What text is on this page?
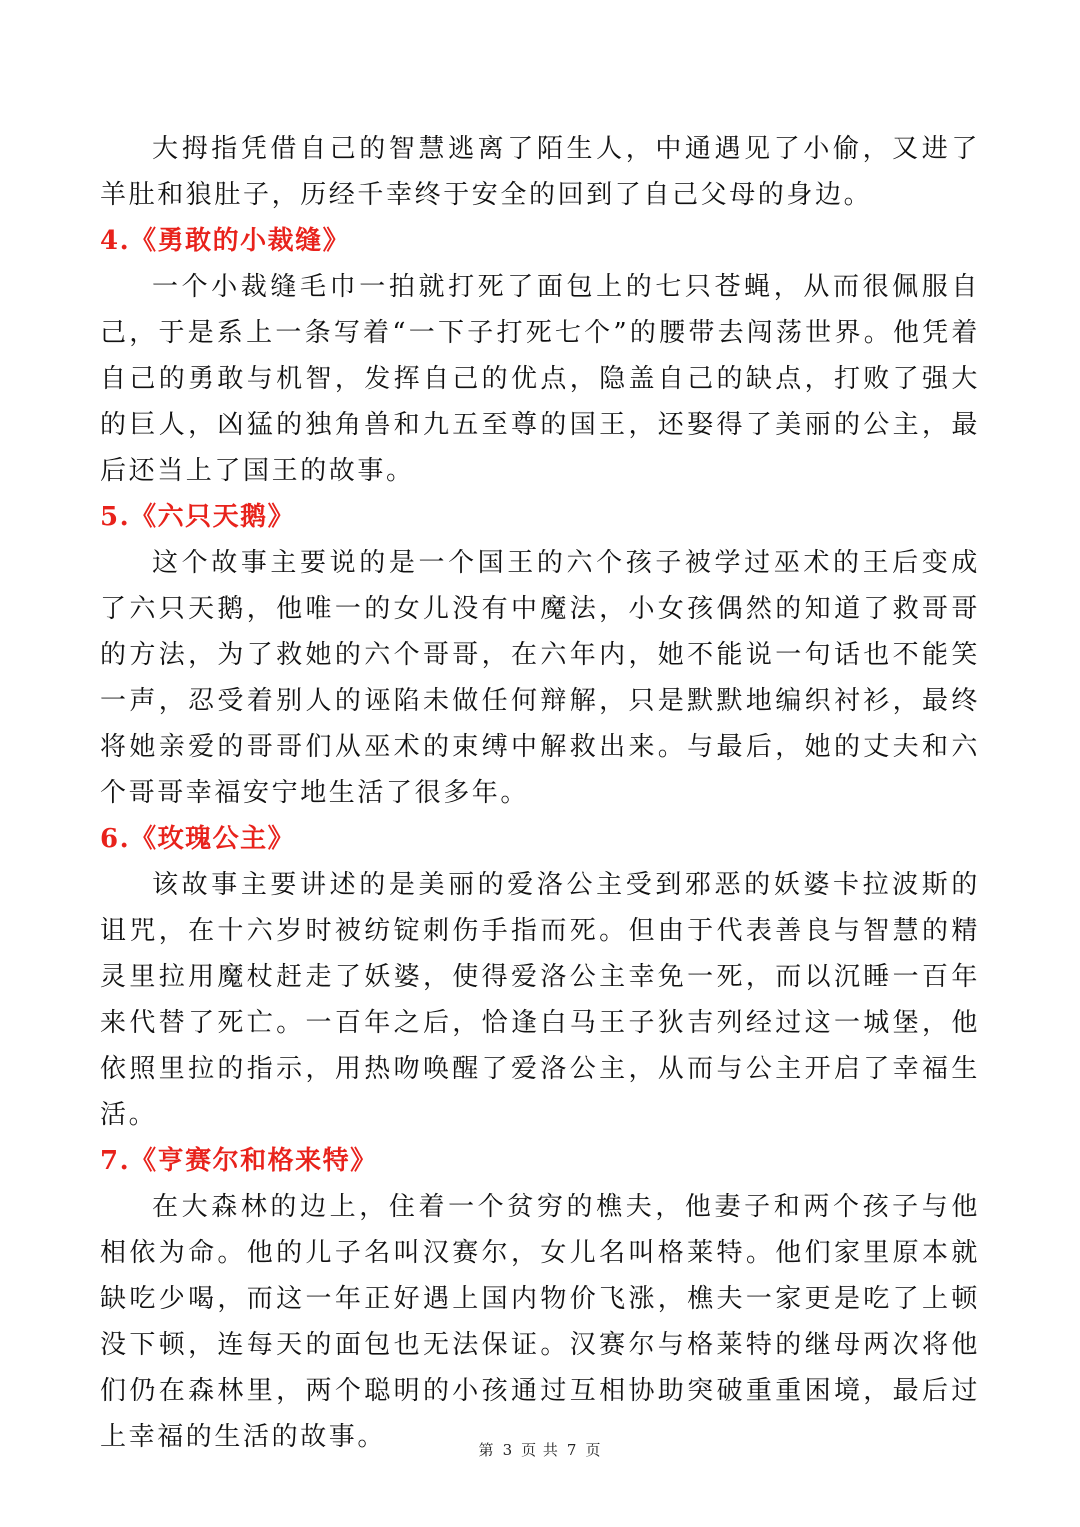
大拇指凭借自己的智慧逃离了陌生人，中通遇见了小偷，又进了羊肚和狼肚子，历经千幸终于安全的回到了自己父母的身边。

4.《勇敢的小裁缝》

一个小裁缝毛巾一拍就打死了面包上的七只苍蝇，从而很佩服自己，于是系上一条写着“一下子打死七个”的腰带去闯荡世界。他凭着自己的勇敢与机智，发挥自己的优点，隐盖自己的缺点，打败了强大的巨人，凶猛的独角兽和九五至尊的国王，还娶得了美丽的公主，最后还当上了国王的故事。

5.《六只天鹅》

这个故事主要说的是一个国王的六个孩子被学过巫术的王后变成了六只天鹅，他唯一的女儿没有中魔法，小女孩偶然的知道了救哥哥的方法，为了救她的六个哥哥，在六年内，她不能说一句话也不能笑一声，忍受着别人的诬陷未做任何辩解，只是默默地编织衬衫，最终将她亲爱的哥哥们从巫术的束缚中解救出来。与最后，她的丈夫和六个哥哥幸福安宁地生活了很多年。

6.《玫瑰公主》

该故事主要讲述的是美丽的爱洛公主受到邪恶的妖婆卡拉波斯的诅咒，在十六岁时被纺锭刺伤手指而死。但由于代表善良与智慧的精灵里拉用魔杖赶走了妖婆，使得爱洛公主幸免一死，而以沉睡一百年来代替了死亡。一百年之后，恰逢白马王子狄吉列经过这一城堡，他依照里拉的指示，用热吻唤醒了爱洛公主，从而与公主开启了幸福生活。

7.《亨赛尔和格来特》

在大森林的边上，住着一个贫穷的樵夫，他妻子和两个孩子与他相依为命。他的儿子名叫汉赛尔，女儿名叫格莱特。他们家里原本就缺吃少喝，而这一年正好遇上国内物价飞涨，樵夫一家更是吃了上顿没下顿，连每天的面包也无法保证。汉赛尔与格莱特的继母两次将他们仍在森林里，两个聪明的小孩通过互相协助突破重重困境，最后过上幸福的生活的故事。	第 3 页 共 7 页
